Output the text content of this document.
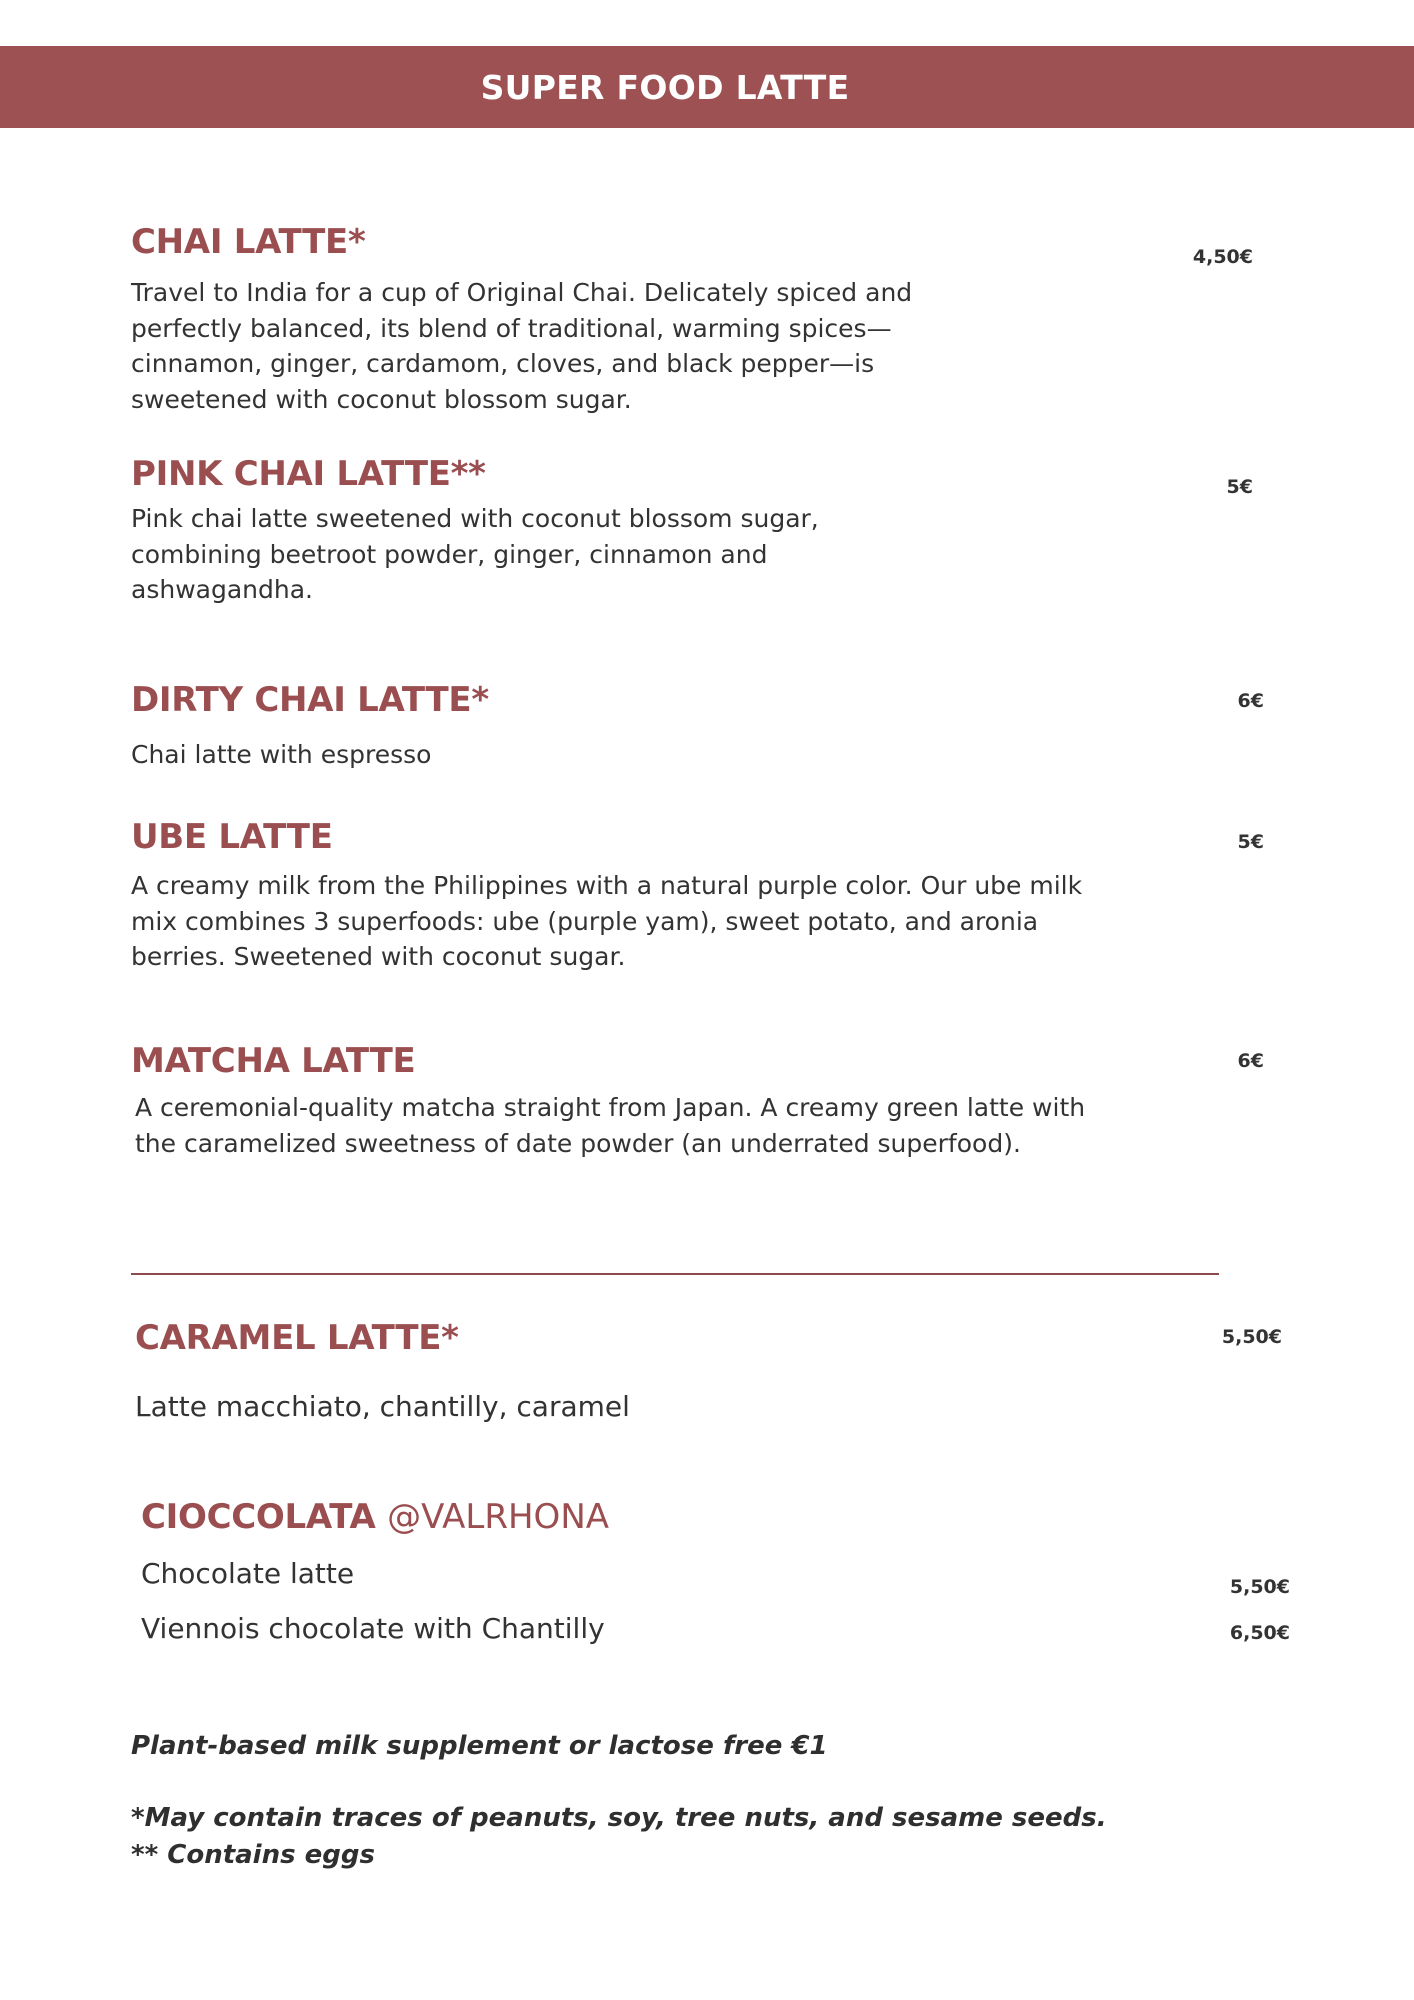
SUPER FOOD LATTE
CHAI LATTE*	4,50€
Travel to India for a cup of Original Chai. Delicately spiced and perfectly balanced, its blend of traditional, warming spices—cinnamon, ginger, cardamom, cloves, and black pepper—is sweetened with coconut blossom sugar.
PINK CHAI LATTE**	5€
Pink chai latte sweetened with coconut blossom sugar, combining beetroot powder, ginger, cinnamon and ashwagandha.
DIRTY CHAI LATTE*	6€
Chai latte with espresso
UBE LATTE	5€
A creamy milk from the Philippines with a natural purple color. Our ube milk mix combines 3 superfoods: ube (purple yam), sweet potato, and aronia berries. Sweetened with coconut sugar.
MATCHA LATTE	6€
A ceremonial-quality matcha straight from Japan. A creamy green latte with the caramelized sweetness of date powder (an underrated superfood).
CARAMEL LATTE*	5,50€
Latte macchiato, chantilly, caramel
CIOCCOLATA @VALRHONA
Chocolate latte	5,50€
Viennois chocolate with Chantilly	6,50€
Plant-based milk supplement or lactose free €1
*May contain traces of peanuts, soy, tree nuts, and sesame seeds.
** Contains eggs
